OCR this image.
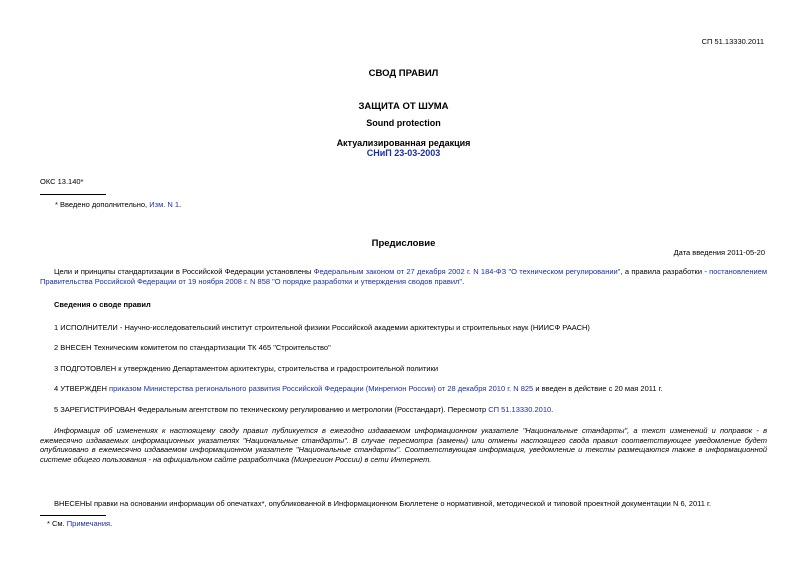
СП 51.13330.2011
СВОД ПРАВИЛ
ЗАЩИТА ОТ ШУМА
Sound protection
Актуализированная редакция
СНиП 23-03-2003
ОКС 13.140*
* Введено дополнительно, Изм. N 1.
Предисловие
Дата введения 2011-05-20
Цели и принципы стандартизации в Российской Федерации установлены Федеральным законом от 27 декабря 2002 г. N 184-ФЗ "О техническом регулировании", а правила разработки - постановлением Правительства Российской Федерации от 19 ноября 2008 г. N 858 "О порядке разработки и утверждения сводов правил".
Сведения о своде правил
1 ИСПОЛНИТЕЛИ - Научно-исследовательский институт строительной физики Российской академии архитектуры и строительных наук (НИИСФ РААСН)
2 ВНЕСЕН Техническим комитетом по стандартизации ТК 465 "Строительство"
3 ПОДГОТОВЛЕН к утверждению Департаментом архитектуры, строительства и градостроительной политики
4 УТВЕРЖДЕН приказом Министерства регионального развития Российской Федерации (Минрегион России) от 28 декабря 2010 г. N 825 и введен в действие с 20 мая 2011 г.
5 ЗАРЕГИСТРИРОВАН Федеральным агентством по техническому регулированию и метрологии (Росстандарт). Пересмотр СП 51.13330.2010.
Информация об изменениях к настоящему своду правил публикуется в ежегодно издаваемом информационном указателе "Национальные стандарты", а текст изменений и поправок - в ежемесячно издаваемых информационных указателях "Национальные стандарты". В случае пересмотра (замены) или отмены настоящего свода правил соответствующее уведомление будет опубликовано в ежемесячно издаваемом информационном указателе "Национальные стандарты". Соответствующая информация, уведомление и тексты размещаются также в информационной системе общего пользования - на официальном сайте разработчика (Минрегион России) в сети Интернет.
ВНЕСЕНЫ правки на основании информации об опечатках*, опубликованной в Информационном Бюллетене о нормативной, методической и типовой проектной документации N 6, 2011 г.
* См. Примечания.
